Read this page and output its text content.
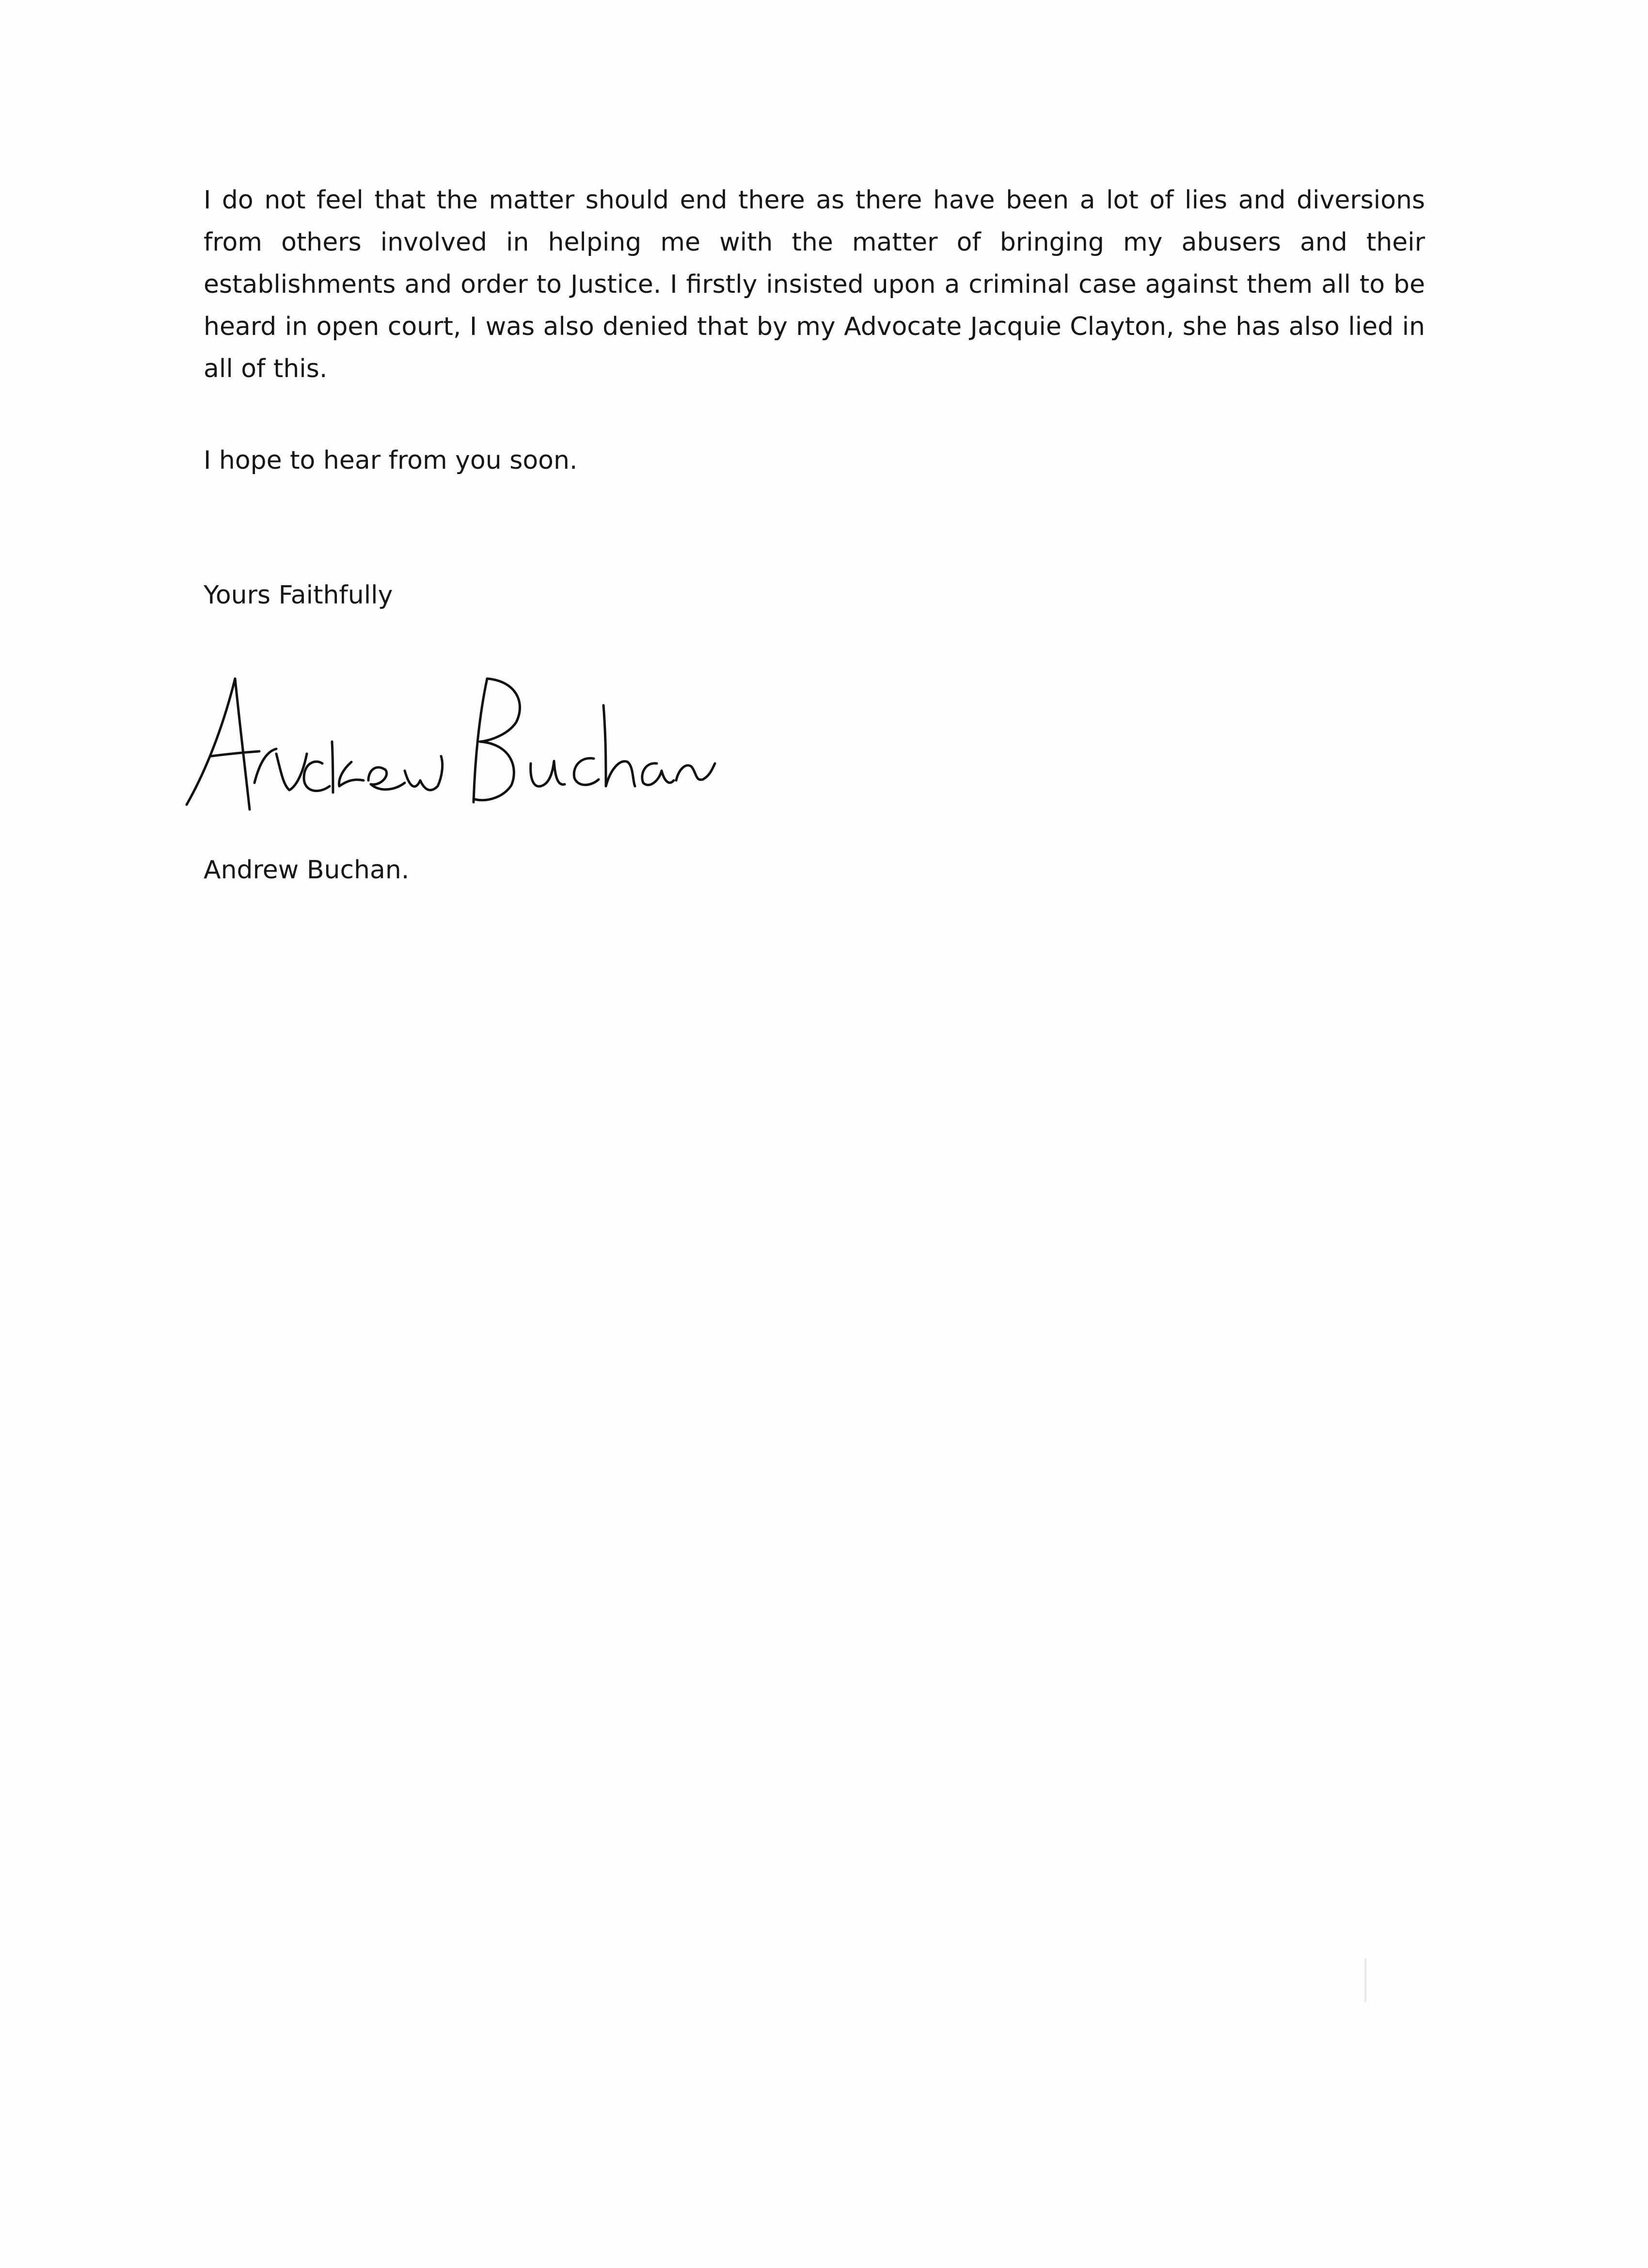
I do not feel that the matter should end there as there have been a lot of lies and diversions from others involved in helping me with the matter of bringing my abusers and their establishments and order to Justice. I firstly insisted upon a criminal case against them all to be heard in open court, I was also denied that by my Advocate Jacquie Clayton, she has also lied in all of this.

I hope to hear from you soon.
Yours Faithfully
Andrew Buchan.
